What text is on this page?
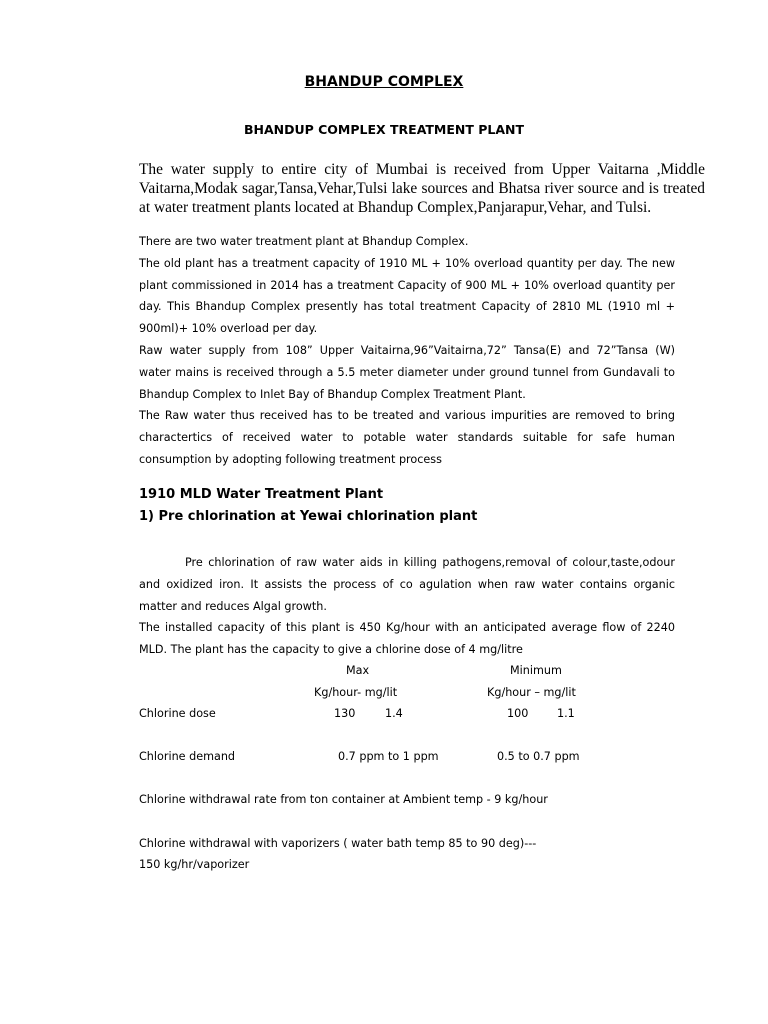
BHANDUP COMPLEX
BHANDUP COMPLEX TREATMENT PLANT
The water supply to entire city of Mumbai is received from Upper Vaitarna ,Middle Vaitarna,Modak sagar,Tansa,Vehar,Tulsi lake sources and Bhatsa river source and is treated at water treatment plants located at Bhandup Complex,Panjarapur,Vehar, and Tulsi.

There are two water treatment plant at Bhandup Complex.

The old plant has a treatment capacity of 1910 ML + 10% overload quantity per day. The new plant commissioned in 2014 has a treatment Capacity of 900 ML + 10% overload quantity per day. This Bhandup Complex presently has total treatment Capacity of 2810 ML (1910 ml + 900ml)+ 10% overload per day.

Raw water supply from 108” Upper Vaitairna,96”Vaitairna,72” Tansa(E) and 72”Tansa (W) water mains is received through a 5.5 meter diameter under ground tunnel from Gundavali to Bhandup Complex to Inlet Bay of Bhandup Complex Treatment Plant.

The Raw water thus received has to be treated and various impurities are removed to bring charactertics of received water to potable water standards suitable for safe human consumption by adopting following treatment process

1910 MLD Water Treatment Plant
1) Pre chlorination at Yewai chlorination plant

Pre chlorination of raw water aids in killing pathogens,removal of colour,taste,odour and oxidized iron. It assists the process of co agulation when raw water contains organic matter and reduces Algal growth.

The installed capacity of this plant is 450 Kg/hour with an anticipated average flow of 2240 MLD. The plant has the capacity to give a chlorine dose of 4 mg/litre

Max	Minimum
Kg/hour- mg/lit	Kg/hour – mg/lit
Chlorine dose	130	1.4	100	1.1
Chlorine demand	0.7 ppm to 1 ppm	0.5 to 0.7 ppm
Chlorine withdrawal rate from ton container at Ambient temp - 9 kg/hour
Chlorine withdrawal with vaporizers ( water bath temp 85 to 90 deg)---
150 kg/hr/vaporizer
